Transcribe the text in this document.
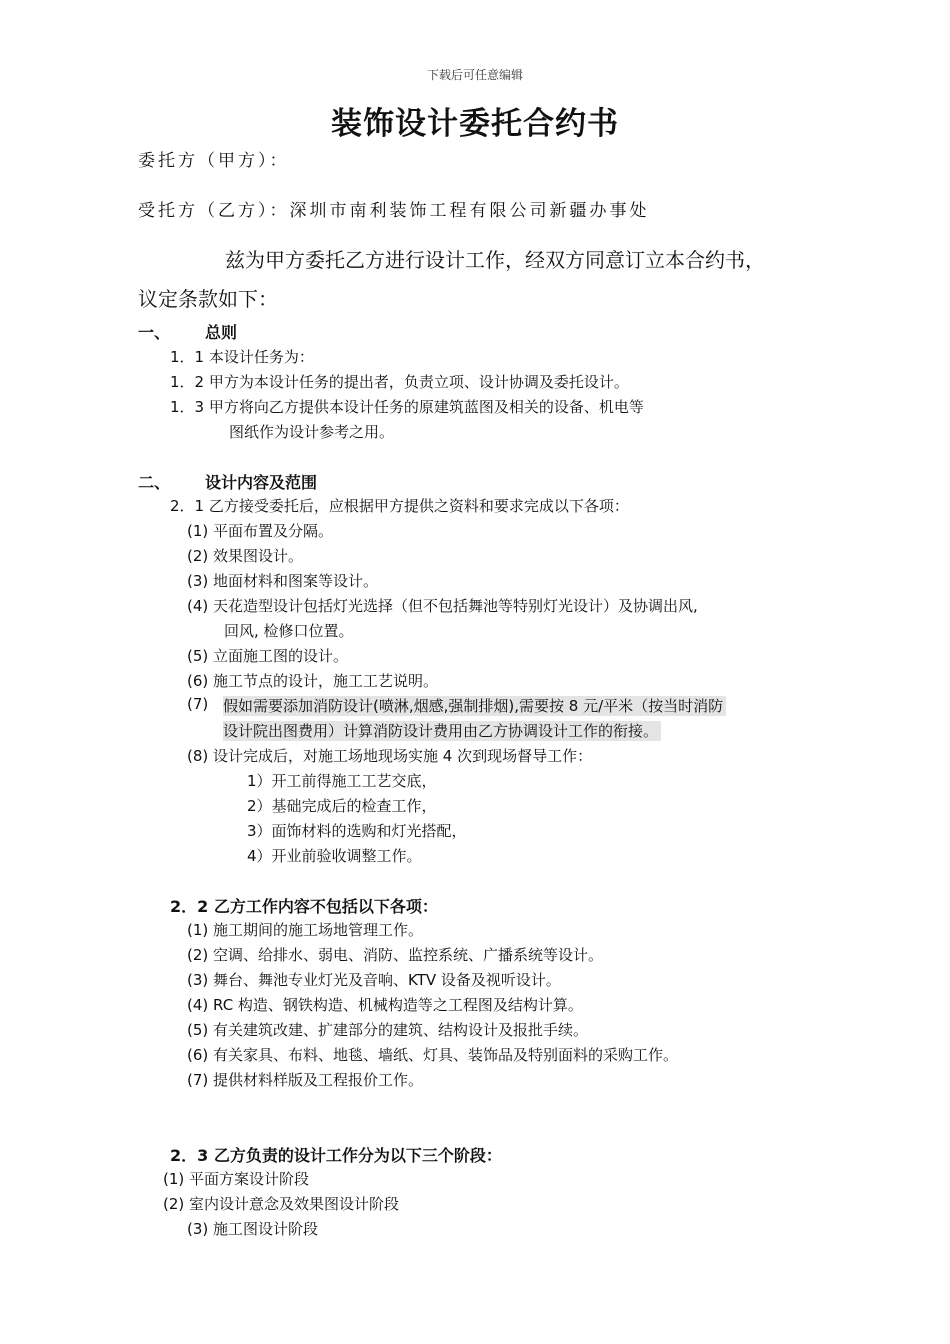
下载后可任意编辑
装饰设计委托合约书
委托方（甲方）：
受托方（乙方）：深圳市南利装饰工程有限公司新疆办事处
兹为甲方委托乙方进行设计工作，经双方同意订立本合约书，
议定条款如下：
一、 总则
1．1 本设计任务为：
1．2 甲方为本设计任务的提出者，负责立项、设计协调及委托设计。
1．3 甲方将向乙方提供本设计任务的原建筑蓝图及相关的设备、机电等
图纸作为设计参考之用。
二、 设计内容及范围
2．1 乙方接受委托后，应根据甲方提供之资料和要求完成以下各项：
(1) 平面布置及分隔。
(2) 效果图设计。
(3) 地面材料和图案等设计。
(4) 天花造型设计包括灯光选择（但不包括舞池等特别灯光设计）及协调出风,
回风, 检修口位置。
(5) 立面施工图的设计。
(6) 施工节点的设计，施工工艺说明。
(7) 假如需要添加消防设计(喷淋,烟感,强制排烟),需要按 8 元/平米（按当时消防
设计院出图费用）计算消防设计费用由乙方协调设计工作的衔接。
(8) 设计完成后，对施工场地现场实施 4 次到现场督导工作：
1）开工前得施工工艺交底，
2）基础完成后的检查工作，
3）面饰材料的选购和灯光搭配，
4）开业前验收调整工作。
2．2 乙方工作内容不包括以下各项：
(1) 施工期间的施工场地管理工作。
(2) 空调、给排水、弱电、消防、监控系统、广播系统等设计。
(3) 舞台、舞池专业灯光及音响、KTV 设备及视听设计。
(4) RC 构造、钢铁构造、机械构造等之工程图及结构计算。
(5) 有关建筑改建、扩建部分的建筑、结构设计及报批手续。
(6) 有关家具、布料、地毯、墙纸、灯具、装饰品及特别面料的采购工作。
(7) 提供材料样版及工程报价工作。
2．3 乙方负责的设计工作分为以下三个阶段：
(1) 平面方案设计阶段
(2) 室内设计意念及效果图设计阶段
(3) 施工图设计阶段
